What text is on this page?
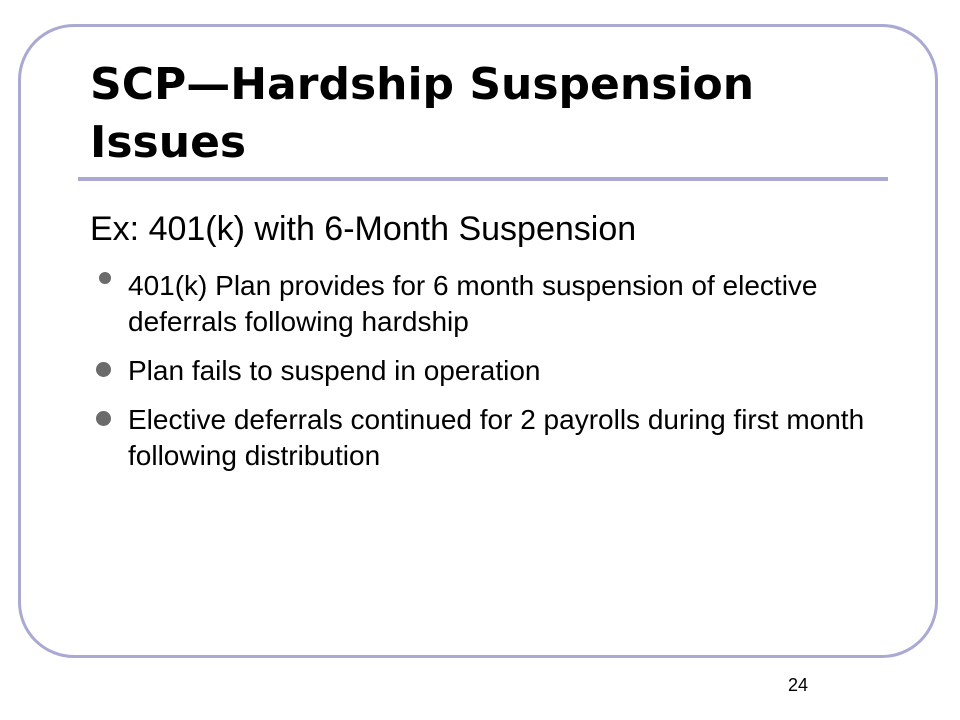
SCP—Hardship Suspension Issues

Ex: 401(k) with 6-Month Suspension

401(k) Plan provides for 6 month suspension of elective deferrals following hardship
Plan fails to suspend in operation
Elective deferrals continued for 2 payrolls during first month following distribution
24
